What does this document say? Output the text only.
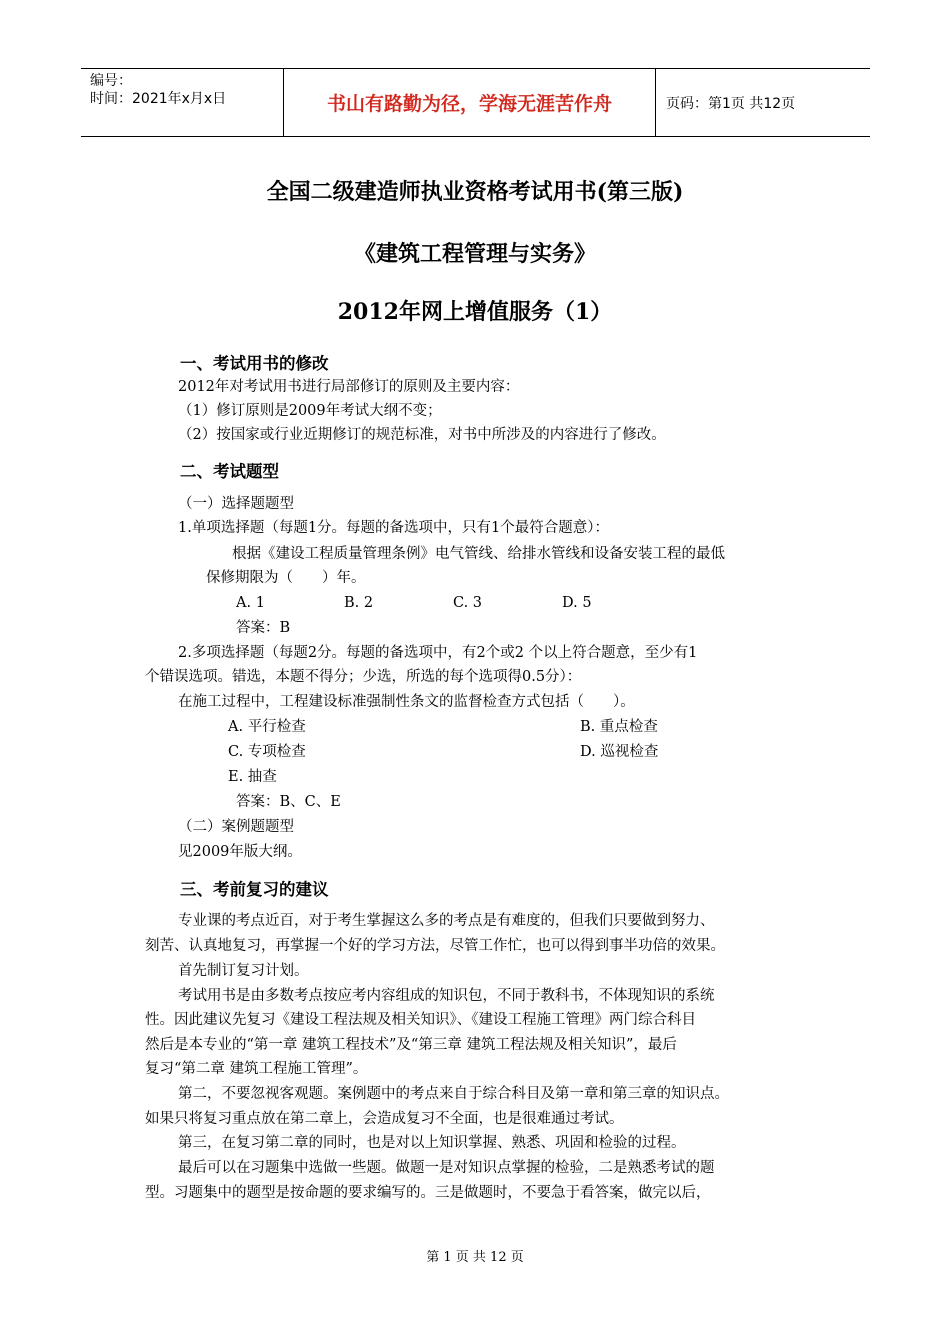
编号：
时间：2021年x月x日	书山有路勤为径，学海无涯苦作舟	页码：第1页 共12页
全国二级建造师执业资格考试用书(第三版)
《建筑工程管理与实务》
2012年网上增值服务（1）
一、考试用书的修改
2012年对考试用书进行局部修订的原则及主要内容：
（1）修订原则是2009年考试大纲不变；
（2）按国家或行业近期修订的规范标准，对书中所涉及的内容进行了修改。
二、考试题型
（一）选择题题型
1.单项选择题（每题1分。每题的备选项中，只有1个最符合题意）：
根据《建设工程质量管理条例》电气管线、给排水管线和设备安装工程的最低
保修期限为（　　）年。
A. 1	B. 2	C. 3	D. 5
答案：B
2.多项选择题（每题2分。每题的备选项中，有2个或2 个以上符合题意，至少有1
个错误选项。错选，本题不得分；少选，所选的每个选项得0.5分）：
在施工过程中，工程建设标准强制性条文的监督检查方式包括（　　）。
A. 平行检查	B. 重点检查
C. 专项检查	D. 巡视检查
E. 抽查
答案：B、C、E
（二）案例题题型
见2009年版大纲。
三、考前复习的建议
专业课的考点近百，对于考生掌握这么多的考点是有难度的，但我们只要做到努力、
刻苦、认真地复习，再掌握一个好的学习方法，尽管工作忙，也可以得到事半功倍的效果。
首先制订复习计划。
考试用书是由多数考点按应考内容组成的知识包，不同于教科书，不体现知识的系统
性。因此建议先复习《建设工程法规及相关知识》、《建设工程施工管理》两门综合科目
然后是本专业的“第一章 建筑工程技术”及“第三章 建筑工程法规及相关知识”，最后
复习“第二章 建筑工程施工管理”。
第二，不要忽视客观题。案例题中的考点来自于综合科目及第一章和第三章的知识点。
如果只将复习重点放在第二章上，会造成复习不全面，也是很难通过考试。
第三，在复习第二章的同时，也是对以上知识掌握、熟悉、巩固和检验的过程。
最后可以在习题集中选做一些题。做题一是对知识点掌握的检验，二是熟悉考试的题
型。习题集中的题型是按命题的要求编写的。三是做题时，不要急于看答案，做完以后，
第 1 页 共 12 页
